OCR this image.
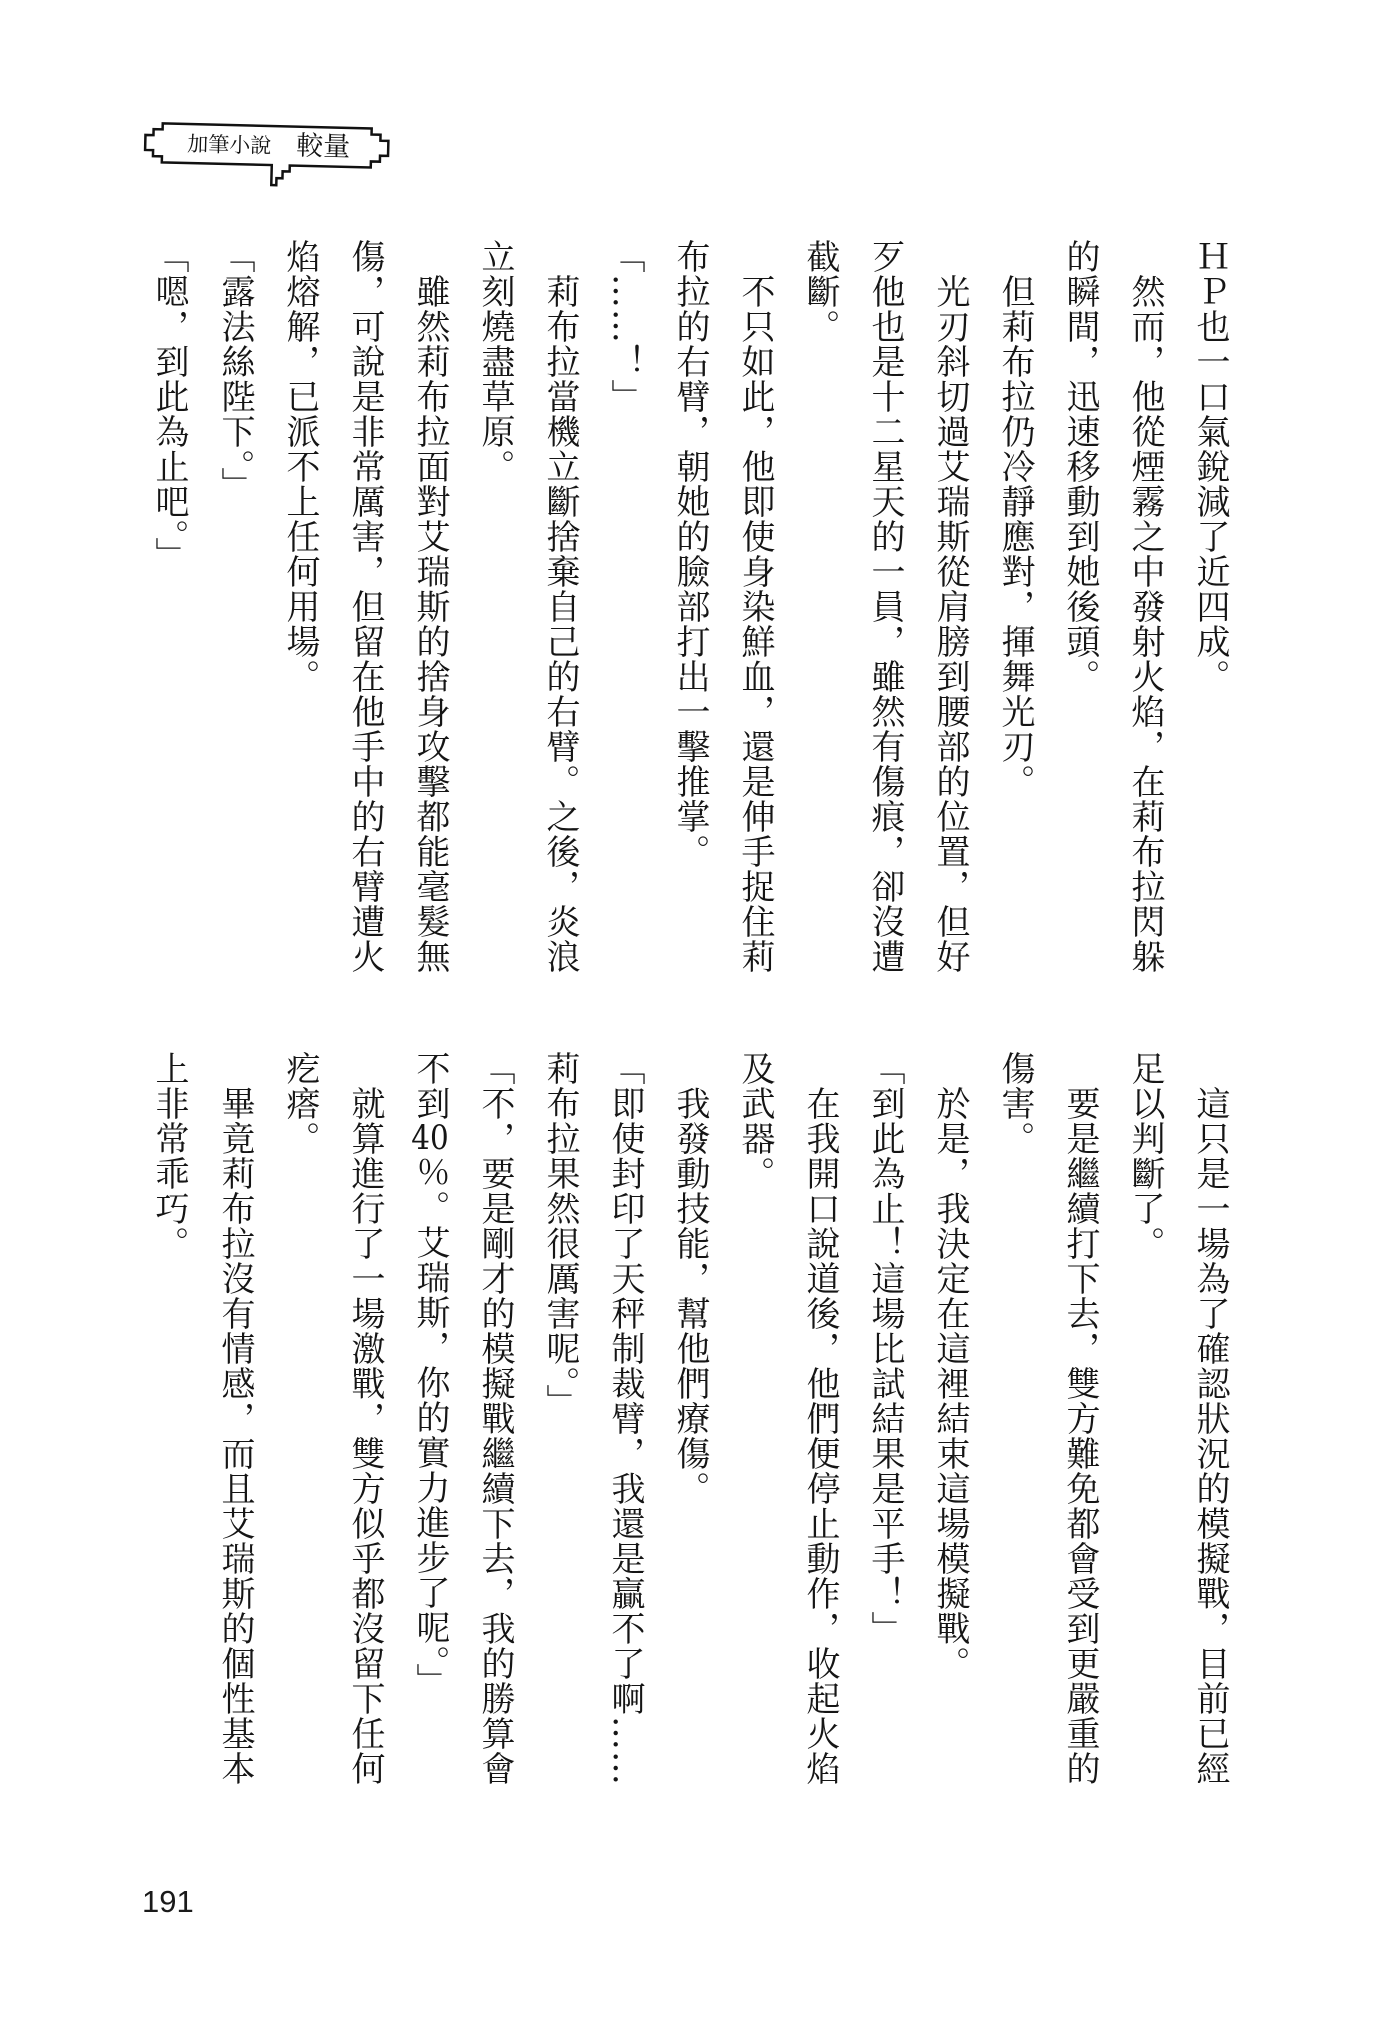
加筆小說 較量
ＨＰ也一口氣銳減了近四成。
然而，他從煙霧之中發射火焰，在莉布拉閃躲
的瞬間，迅速移動到她後頭。
但莉布拉仍冷靜應對，揮舞光刃。
光刃斜切過艾瑞斯從肩膀到腰部的位置，但好
歹他也是十二星天的一員，雖然有傷痕，卻沒遭
截斷。
不只如此，他即使身染鮮血，還是伸手捉住莉
布拉的右臂，朝她的臉部打出一擊推掌。
「……！」
莉布拉當機立斷捨棄自己的右臂。之後，炎浪
立刻燒盡草原。
雖然莉布拉面對艾瑞斯的捨身攻擊都能毫髮無
傷，可說是非常厲害，但留在他手中的右臂遭火
焰熔解，已派不上任何用場。
「露法絲陛下。」
「嗯，到此為止吧。」
這只是一場為了確認狀況的模擬戰，目前已經
足以判斷了。
要是繼續打下去，雙方難免都會受到更嚴重的
傷害。
於是，我決定在這裡結束這場模擬戰。
「到此為止！這場比試結果是平手！」
在我開口說道後，他們便停止動作，收起火焰
及武器。
我發動技能，幫他們療傷。
「即使封印了天秤制裁臂，我還是贏不了啊……
莉布拉果然很厲害呢。」
「不，要是剛才的模擬戰繼續下去，我的勝算會
不到40％。艾瑞斯，你的實力進步了呢。」
就算進行了一場激戰，雙方似乎都沒留下任何
疙瘩。
畢竟莉布拉沒有情感，而且艾瑞斯的個性基本
上非常乖巧。
191
